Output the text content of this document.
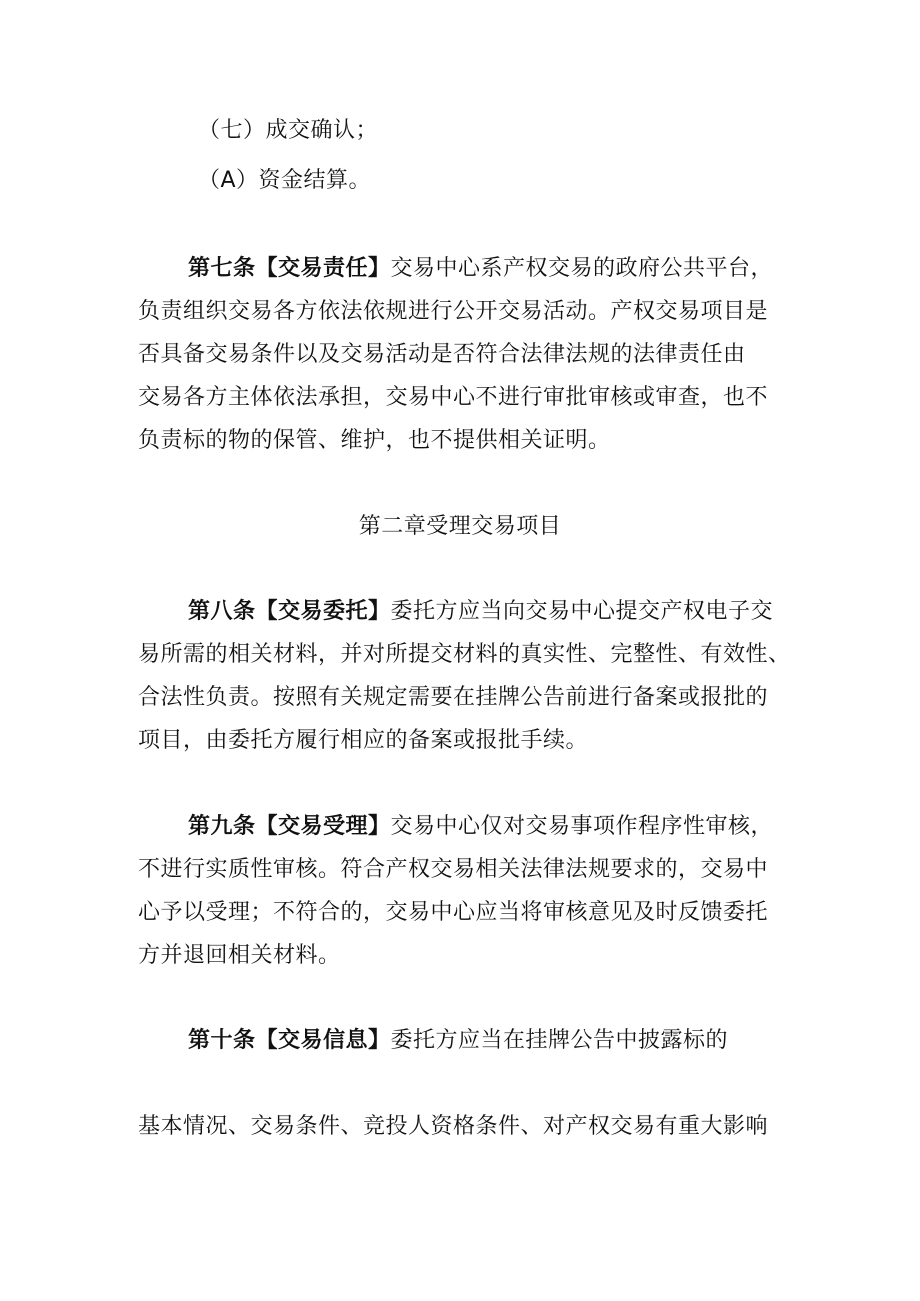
（七）成交确认；
（A）资金结算。
第七条【交易责任】交易中心系产权交易的政府公共平台，
负责组织交易各方依法依规进行公开交易活动。产权交易项目是
否具备交易条件以及交易活动是否符合法律法规的法律责任由
交易各方主体依法承担，交易中心不进行审批审核或审查，也不
负责标的物的保管、维护，也不提供相关证明。
第二章受理交易项目
第八条【交易委托】委托方应当向交易中心提交产权电子交
易所需的相关材料，并对所提交材料的真实性、完整性、有效性、
合法性负责。按照有关规定需要在挂牌公告前进行备案或报批的
项目，由委托方履行相应的备案或报批手续。
第九条【交易受理】交易中心仅对交易事项作程序性审核，
不进行实质性审核。符合产权交易相关法律法规要求的，交易中
心予以受理；不符合的，交易中心应当将审核意见及时反馈委托
方并退回相关材料。
第十条【交易信息】委托方应当在挂牌公告中披露标的
基本情况、交易条件、竞投人资格条件、对产权交易有重大影响
